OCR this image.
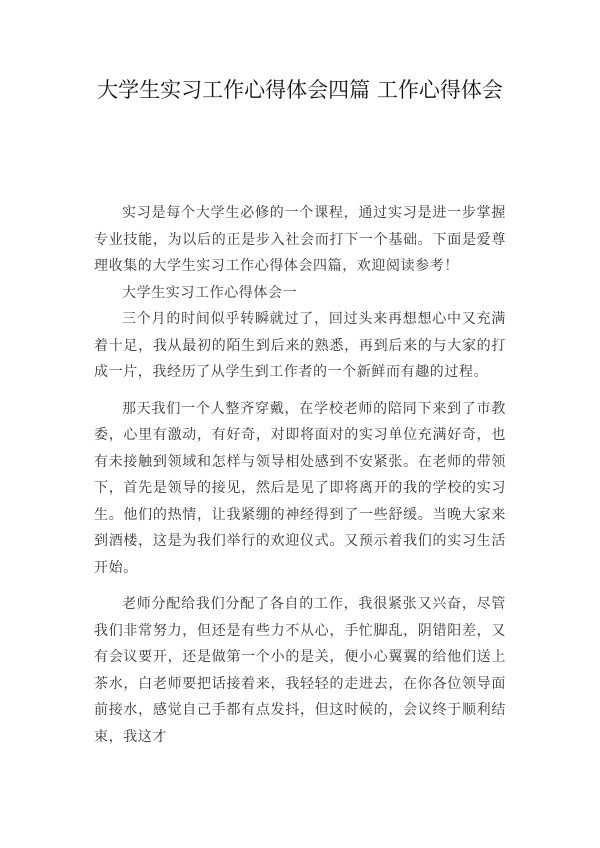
大学生实习工作心得体会四篇 工作心得体会

实习是每个大学生必修的一个课程，通过实习是进一步掌握专业技能，为以后的正是步入社会而打下一个基础。下面是爱尊理收集的大学生实习工作心得体会四篇，欢迎阅读参考！

大学生实习工作心得体会一

三个月的时间似乎转瞬就过了，回过头来再想想心中又充满着十足，我从最初的陌生到后来的熟悉，再到后来的与大家的打成一片，我经历了从学生到工作者的一个新鲜而有趣的过程。

那天我们一个人整齐穿戴，在学校老师的陪同下来到了市教委，心里有激动，有好奇，对即将面对的实习单位充满好奇，也有未接触到领域和怎样与领导相处感到不安紧张。在老师的带领下，首先是领导的接见，然后是见了即将离开的我的学校的实习生。他们的热情，让我紧绷的神经得到了一些舒缓。当晚大家来到酒楼，这是为我们举行的欢迎仪式。又预示着我们的实习生活开始。

老师分配给我们分配了各自的工作，我很紧张又兴奋，尽管我们非常努力，但还是有些力不从心，手忙脚乱，阴错阳差，又有会议要开，还是做第一个小的是关，便小心翼翼的给他们送上茶水，白老师要把话接着来，我轻轻的走进去，在你各位领导面前接水，感觉自己手都有点发抖，但这时候的，会议终于顺利结束，我这才
